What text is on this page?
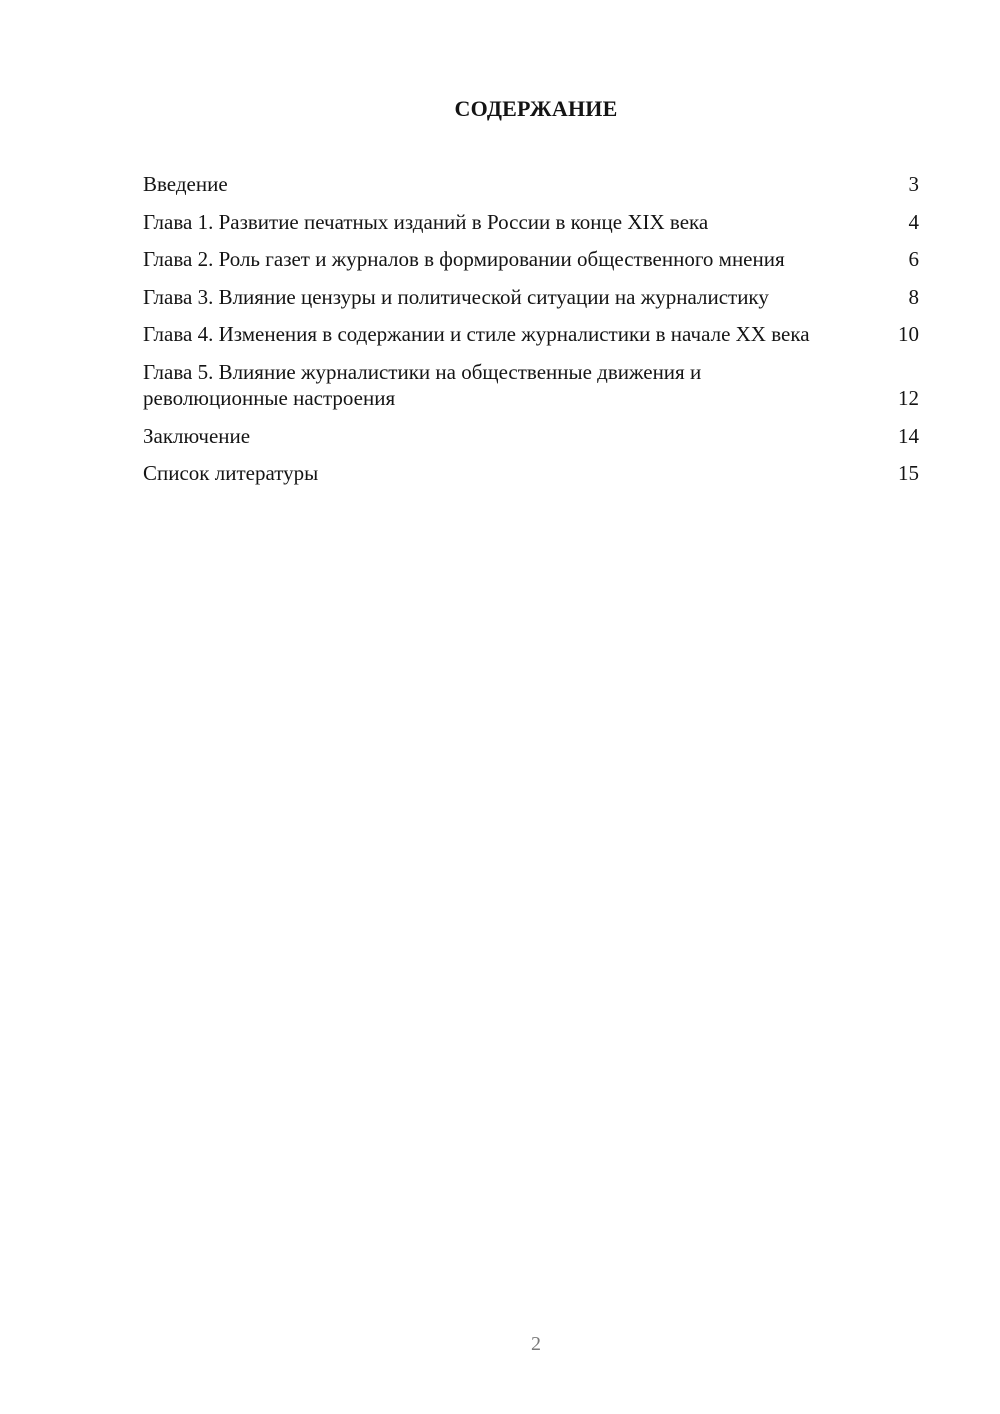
СОДЕРЖАНИЕ
Введение	3
Глава 1. Развитие печатных изданий в России в конце XIX века	4
Глава 2. Роль газет и журналов в формировании общественного мнения	6
Глава 3. Влияние цензуры и политической ситуации на журналистику	8
Глава 4. Изменения в содержании и стиле журналистики в начале XX века	10
Глава 5. Влияние журналистики на общественные движения и революционные настроения	12
Заключение	14
Список литературы	15
2
